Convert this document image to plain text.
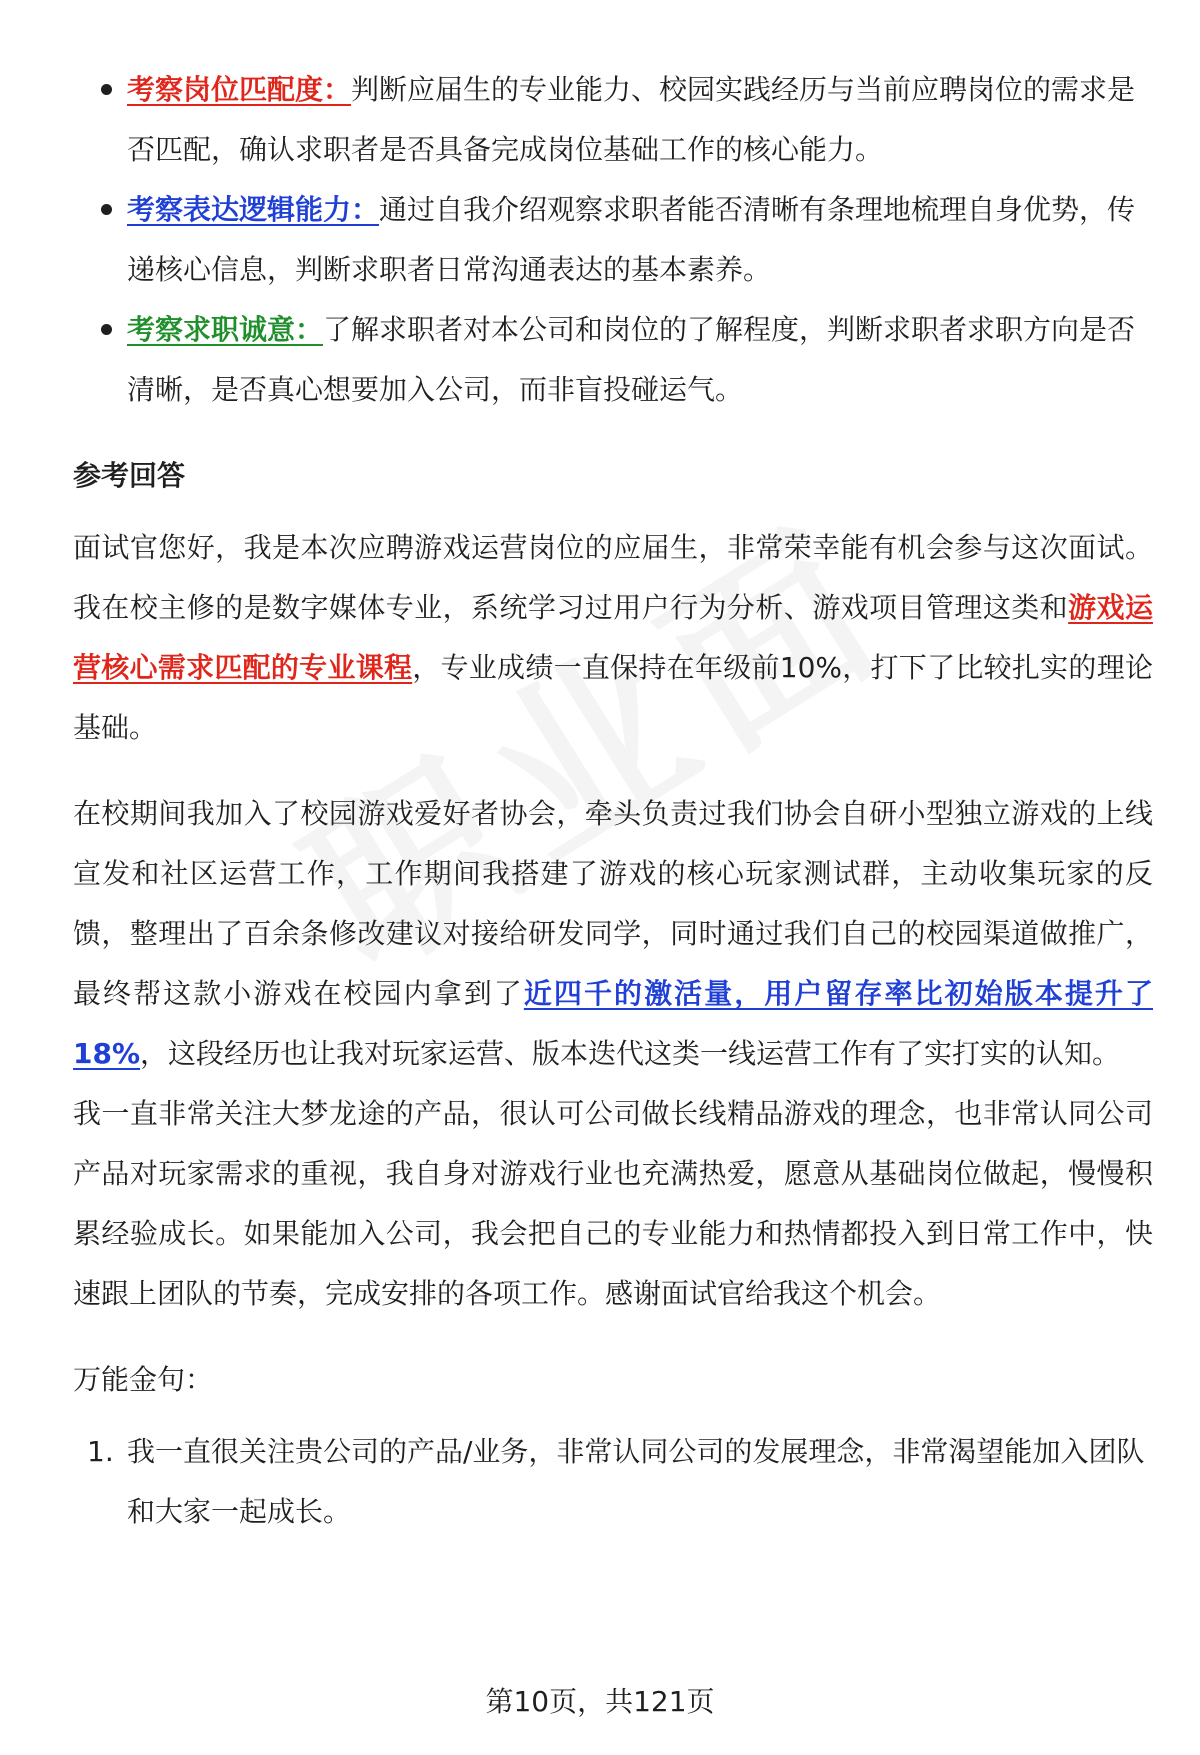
考察岗位匹配度：判断应届生的专业能力、校园实践经历与当前应聘岗位的需求是否匹配，确认求职者是否具备完成岗位基础工作的核心能力。
考察表达逻辑能力：通过自我介绍观察求职者能否清晰有条理地梳理自身优势，传递核心信息，判断求职者日常沟通表达的基本素养。
考察求职诚意：了解求职者对本公司和岗位的了解程度，判断求职者求职方向是否清晰，是否真心想要加入公司，而非盲投碰运气。
参考回答

面试官您好，我是本次应聘游戏运营岗位的应届生，非常荣幸能有机会参与这次面试。我在校主修的是数字媒体专业，系统学习过用户行为分析、游戏项目管理这类和游戏运营核心需求匹配的专业课程，专业成绩一直保持在年级前10%，打下了比较扎实的理论基础。

在校期间我加入了校园游戏爱好者协会，牵头负责过我们协会自研小型独立游戏的上线宣发和社区运营工作，工作期间我搭建了游戏的核心玩家测试群，主动收集玩家的反馈，整理出了百余条修改建议对接给研发同学，同时通过我们自己的校园渠道做推广，最终帮这款小游戏在校园内拿到了近四千的激活量，用户留存率比初始版本提升了18%，这段经历也让我对玩家运营、版本迭代这类一线运营工作有了实打实的认知。

我一直非常关注大梦龙途的产品，很认可公司做长线精品游戏的理念，也非常认同公司产品对玩家需求的重视，我自身对游戏行业也充满热爱，愿意从基础岗位做起，慢慢积累经验成长。如果能加入公司，我会把自己的专业能力和热情都投入到日常工作中，快速跟上团队的节奏，完成安排的各项工作。感谢面试官给我这个机会。

万能金句：
1. 我一直很关注贵公司的产品/业务，非常认同公司的发展理念，非常渴望能加入团队和大家一起成长。
第10页，共121页
